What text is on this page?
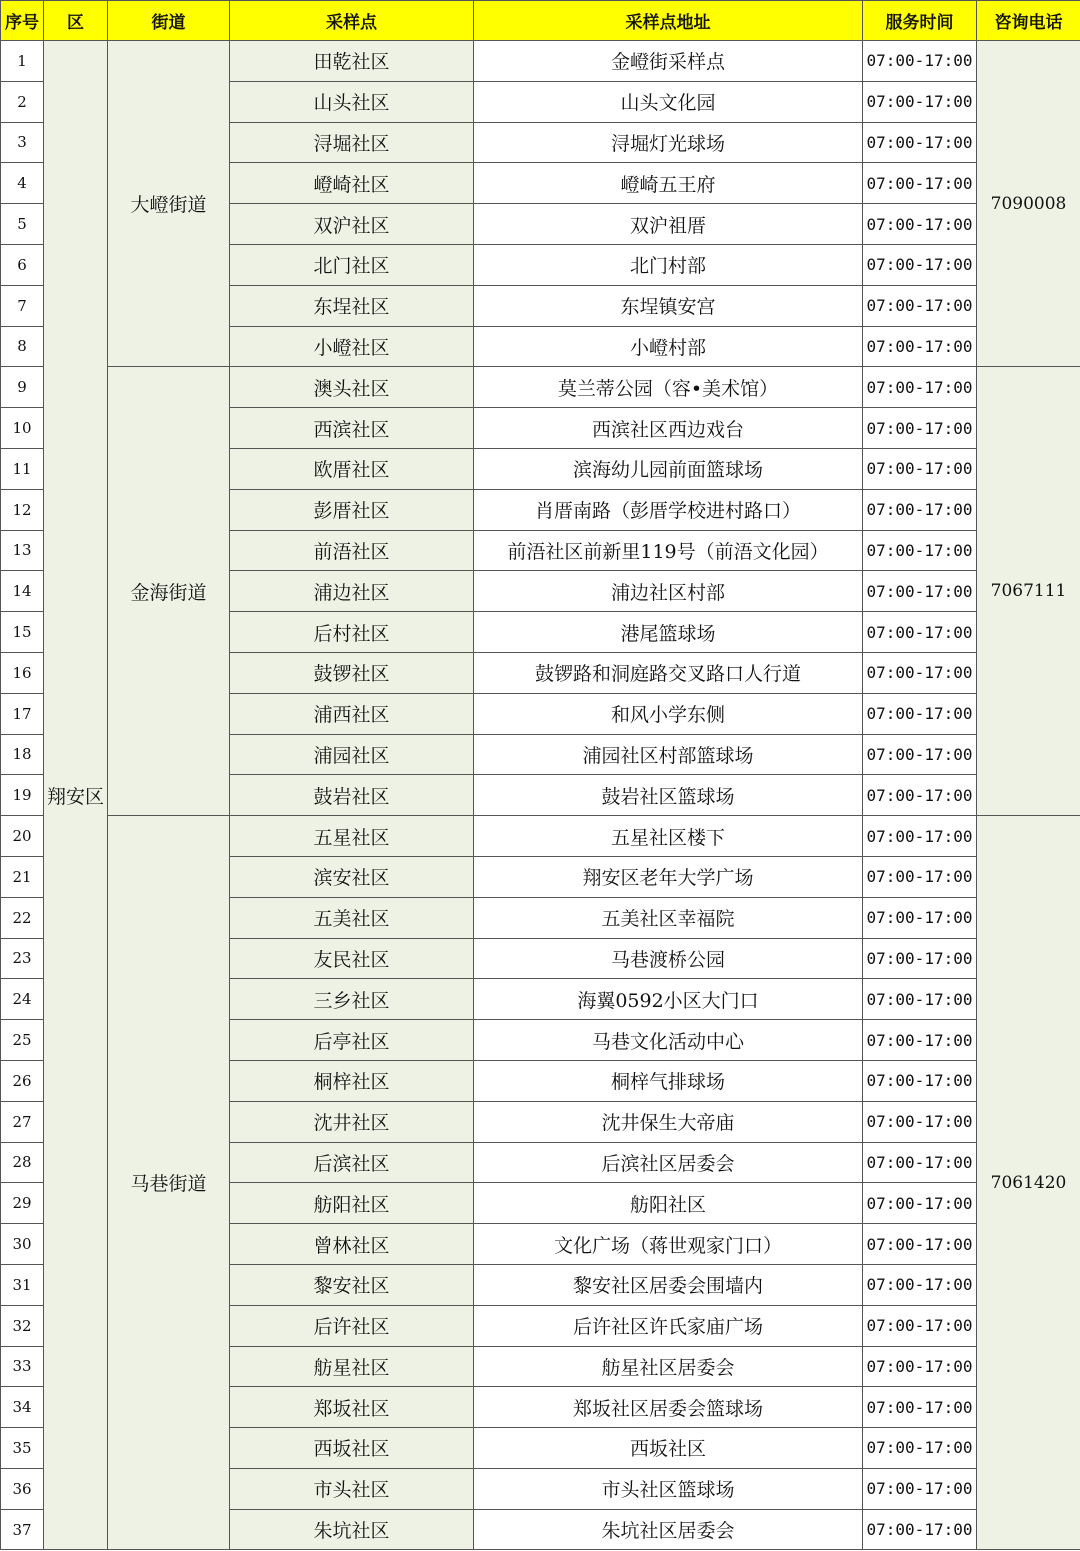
序号	区	街道	采样点	采样点地址	服务时间	咨询电话
1	翔安区	大嶝街道	田乾社区	金嶝街采样点	07:00-17:00	7090008
2			山头社区	山头文化园	07:00-17:00	
3			浔堀社区	浔堀灯光球场	07:00-17:00	
4			嶝崎社区	嶝崎五王府	07:00-17:00	
5			双沪社区	双沪祖厝	07:00-17:00	
6			北门社区	北门村部	07:00-17:00	
7			东埕社区	东埕镇安宫	07:00-17:00	
8			小嶝社区	小嶝村部	07:00-17:00	
9		金海街道	澳头社区	莫兰蒂公园（容•美术馆）	07:00-17:00	7067111
10			西滨社区	西滨社区西边戏台	07:00-17:00	
11			欧厝社区	滨海幼儿园前面篮球场	07:00-17:00	
12			彭厝社区	肖厝南路（彭厝学校进村路口）	07:00-17:00	
13			前浯社区	前浯社区前新里119号（前浯文化园）	07:00-17:00	
14			浦边社区	浦边社区村部	07:00-17:00	
15			后村社区	港尾篮球场	07:00-17:00	
16			鼓锣社区	鼓锣路和洞庭路交叉路口人行道	07:00-17:00	
17			浦西社区	和风小学东侧	07:00-17:00	
18			浦园社区	浦园社区村部篮球场	07:00-17:00	
19			鼓岩社区	鼓岩社区篮球场	07:00-17:00	
20		马巷街道	五星社区	五星社区楼下	07:00-17:00	7061420
21			滨安社区	翔安区老年大学广场	07:00-17:00	
22			五美社区	五美社区幸福院	07:00-17:00	
23			友民社区	马巷渡桥公园	07:00-17:00	
24			三乡社区	海翼0592小区大门口	07:00-17:00	
25			后亭社区	马巷文化活动中心	07:00-17:00	
26			桐梓社区	桐梓气排球场	07:00-17:00	
27			沈井社区	沈井保生大帝庙	07:00-17:00	
28			后滨社区	后滨社区居委会	07:00-17:00	
29			舫阳社区	舫阳社区	07:00-17:00	
30			曾林社区	文化广场（蒋世观家门口）	07:00-17:00	
31			黎安社区	黎安社区居委会围墙内	07:00-17:00	
32			后许社区	后许社区许氏家庙广场	07:00-17:00	
33			舫星社区	舫星社区居委会	07:00-17:00	
34			郑坂社区	郑坂社区居委会篮球场	07:00-17:00	
35			西坂社区	西坂社区	07:00-17:00	
36			市头社区	市头社区篮球场	07:00-17:00	
37			朱坑社区	朱坑社区居委会	07:00-17:00	
